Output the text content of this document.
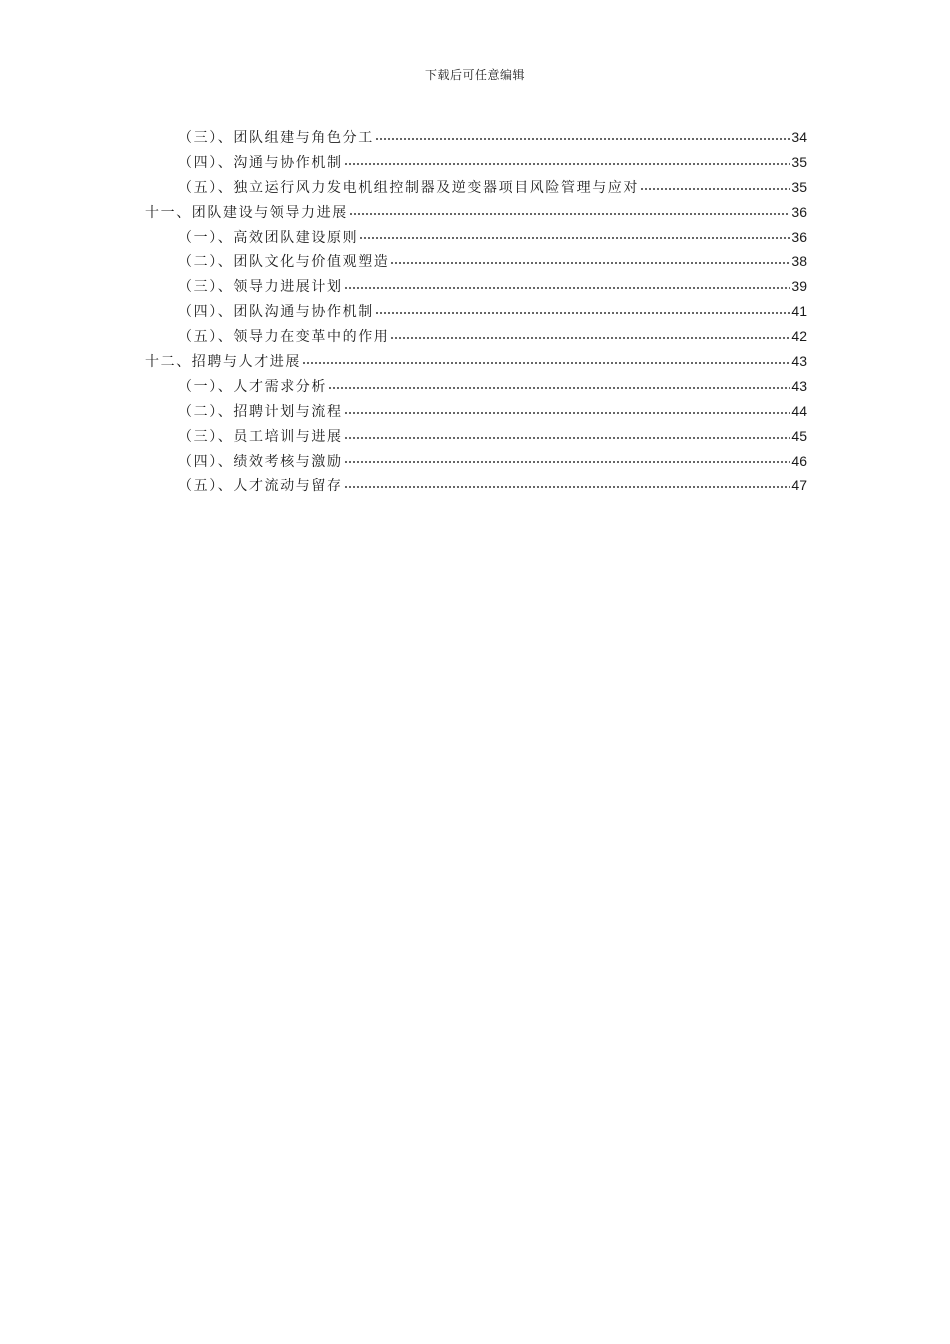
下载后可任意编辑
（三）、团队组建与角色分工	34
（四）、沟通与协作机制	35
（五）、独立运行风力发电机组控制器及逆变器项目风险管理与应对	35
十一、团队建设与领导力进展	36
（一）、高效团队建设原则	36
（二）、团队文化与价值观塑造	38
（三）、领导力进展计划	39
（四）、团队沟通与协作机制	41
（五）、领导力在变革中的作用	42
十二、招聘与人才进展	43
（一）、人才需求分析	43
（二）、招聘计划与流程	44
（三）、员工培训与进展	45
（四）、绩效考核与激励	46
（五）、人才流动与留存	47
